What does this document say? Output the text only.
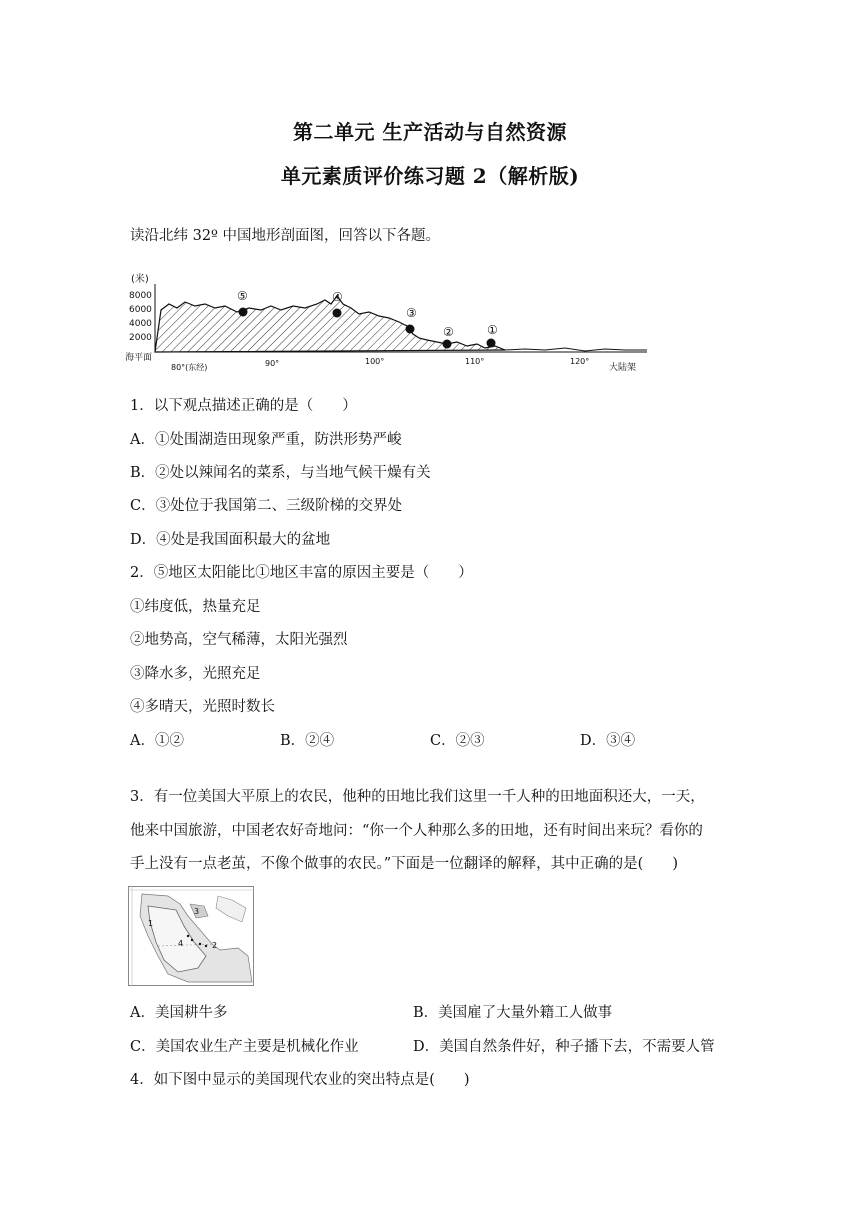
第二单元 生产活动与自然资源
单元素质评价练习题 2（解析版)
读沿北纬 32º 中国地形剖面图，回答以下各题。
(米)
8000
6000
4000
2000
⑤	④
③
②	①
海平面
80°(东经)	90°	100°	110°	120°
大陆架
1．以下观点描述正确的是（　　）
A．①处围湖造田现象严重，防洪形势严峻
B．②处以辣闻名的菜系，与当地气候干燥有关
C．③处位于我国第二、三级阶梯的交界处
D．④处是我国面积最大的盆地
2．⑤地区太阳能比①地区丰富的原因主要是（　　）
①纬度低，热量充足
②地势高，空气稀薄，太阳光强烈
③降水多，光照充足
④多晴天，光照时数长
A．①②	B．②④	C．②③	D．③④
3．有一位美国大平原上的农民，他种的田地比我们这里一千人种的田地面积还大，一天，
他来中国旅游，中国老农好奇地问：“你一个人种那么多的田地，还有时间出来玩？看你的
手上没有一点老茧，不像个做事的农民。”下面是一位翻译的解释，其中正确的是(　　)
1
2
3
4
A．美国耕牛多	B．美国雇了大量外籍工人做事
C．美国农业生产主要是机械化作业	D．美国自然条件好，种子播下去，不需要人管
4．如下图中显示的美国现代农业的突出特点是(　　)
